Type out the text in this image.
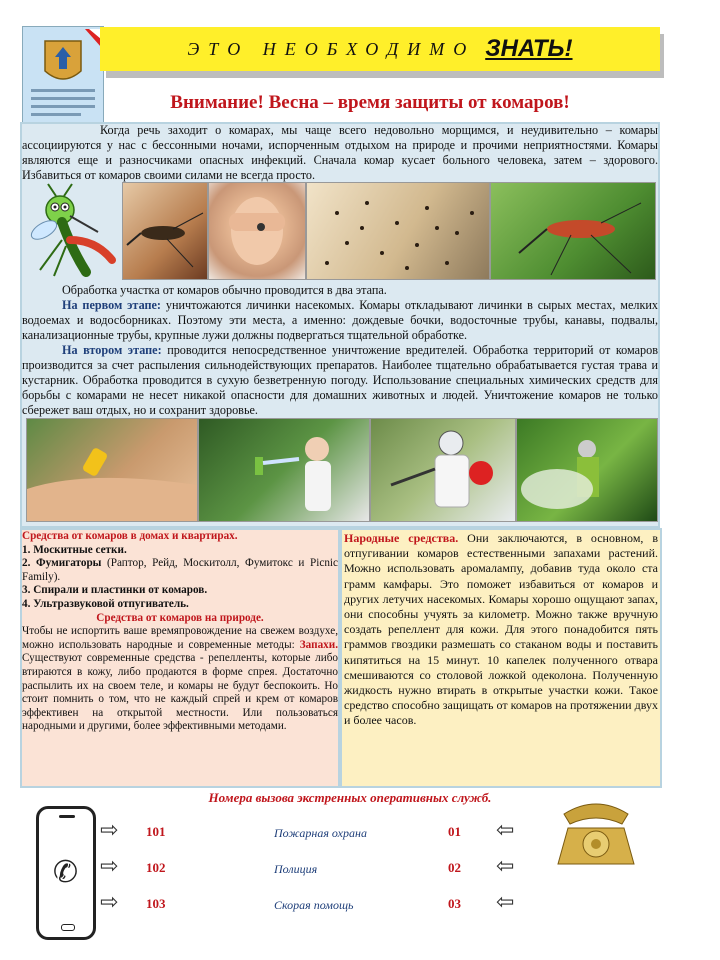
ЭТО НЕОБХОДИМО ЗНАТЬ!
Внимание! Весна – время защиты от комаров!
Когда речь заходит о комарах, мы чаще всего недовольно морщимся, и неудивительно – комары ассоциируются у нас с бессонными ночами, испорченным отдыхом на природе и прочими неприятностями. Комары являются еще и разносчиками опасных инфекций. Сначала комар кусает больного человека, затем – здорового. Избавиться от комаров своими силами не всегда просто.
Обработка участка от комаров обычно проводится в два этапа.
На первом этапе: уничтожаются личинки насекомых. Комары откладывают личинки в сырых местах, мелких водоемах и водосборниках. Поэтому эти места, а именно: дождевые бочки, водосточные трубы, канавы, подвалы, канализационные трубы, крупные лужи должны подвергаться тщательной обработке.
На втором этапе: проводится непосредственное уничтожение вредителей. Обработка территорий от комаров производится за счет распыления сильнодействующих препаратов. Наиболее тщательно обрабатывается густая трава и кустарник. Обработка проводится в сухую безветренную погоду. Использование специальных химических средств для борьбы с комарами не несет никакой опасности для домашних животных и людей. Уничтожение комаров не только сбережет ваш отдых, но и сохранит здоровье.
Средства от комаров в домах и квартирах.
1. Москитные сетки.
2. Фумигаторы (Раптор, Рейд, Москитолл, Фумитокс и Picnic Family).
3. Спирали и пластинки от комаров.
4. Ультразвуковой отпугиватель.
Средства от комаров на природе.
Чтобы не испортить ваше времяпровождение на свежем воздухе, можно использовать народные и современные методы: Запахи. Существуют современные средства - репелленты, которые либо втираются в кожу, либо продаются в форме спрея. Достаточно распылить их на своем теле, и комары не будут беспокоить. Но стоит помнить о том, что не каждый спрей и крем от комаров эффективен на открытой местности. Или пользоваться народными и другими, более эффективными методами.
Народные средства. Они заключаются, в основном, в отпугивании комаров естественными запахами растений. Можно использовать аромалампу, добавив туда около ста грамм камфары. Это поможет избавиться от комаров и других летучих насекомых. Комары хорошо ощущают запах, они способны учуять за километр. Можно также вручную создать репеллент для кожи. Для этого понадобится пять граммов гвоздики размешать со стаканом воды и поставить кипятиться на 15 минут. 10 капелек полученного отвара смешиваются со столовой ложкой одеколона. Полученную жидкость нужно втирать в открытые участки кожи. Такое средство способно защищать от комаров на протяжении двух и более часов.
Номера вызова экстренных оперативных служб.
✆
⇨
⇨
⇨
101
102
103
Пожарная охрана
Полиция
Скорая помощь
01
02
03
⇦
⇦
⇦
